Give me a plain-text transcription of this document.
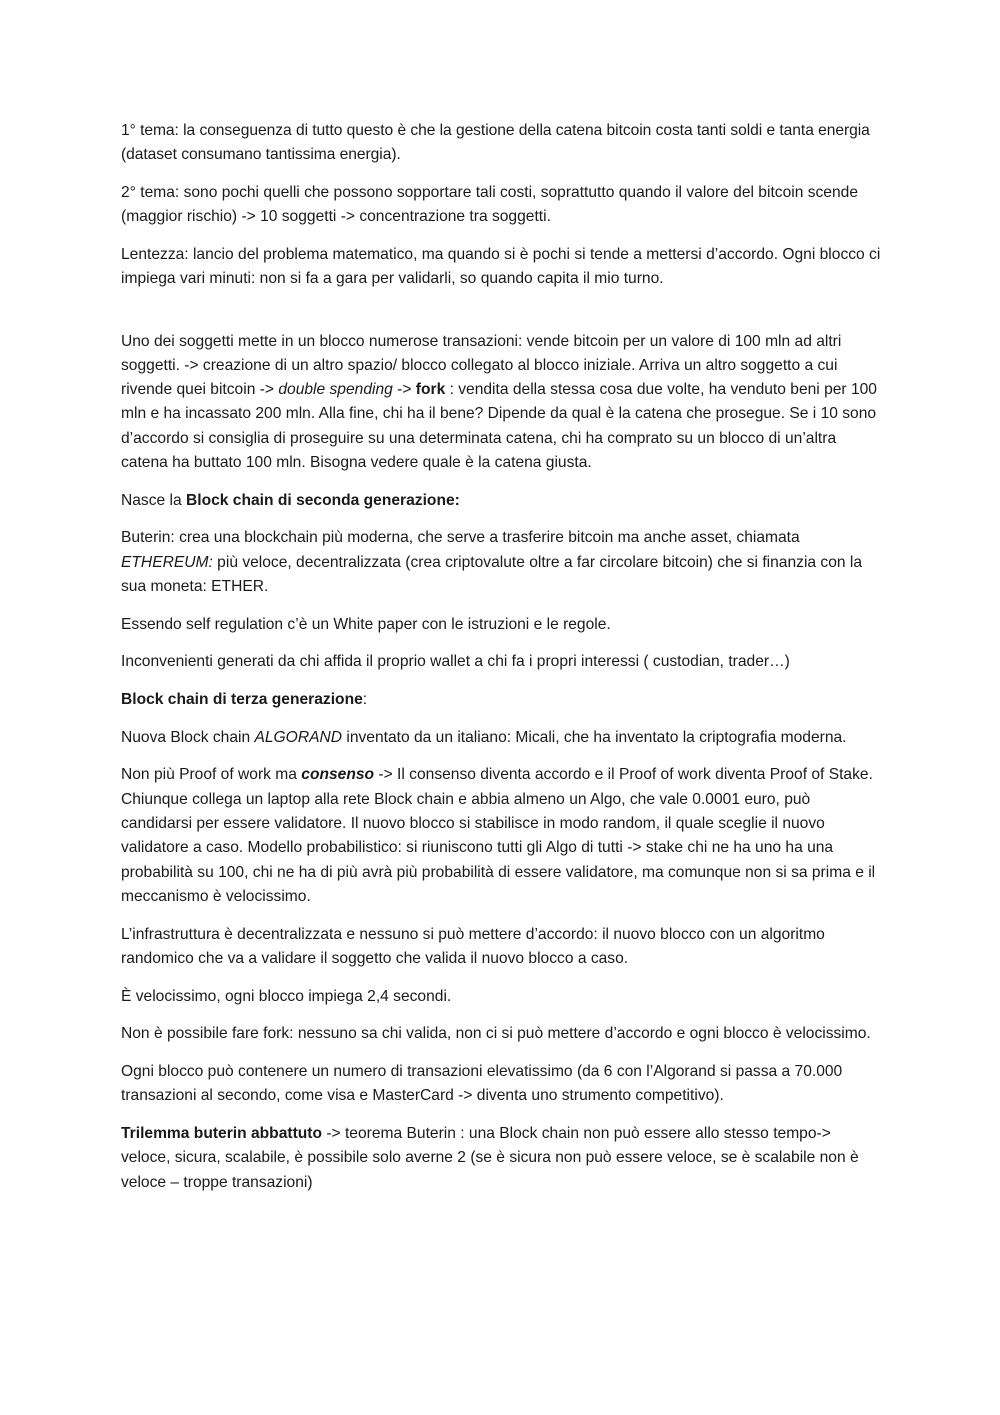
1° tema: la conseguenza di tutto questo è che la gestione della catena bitcoin costa tanti soldi e tanta energia (dataset consumano tantissima energia).

2° tema: sono pochi quelli che possono sopportare tali costi, soprattutto quando il valore del bitcoin scende (maggior rischio) -> 10 soggetti -> concentrazione tra soggetti.

Lentezza: lancio del problema matematico, ma quando si è pochi si tende a mettersi d’accordo. Ogni blocco ci impiega vari minuti: non si fa a gara per validarli, so quando capita il mio turno.

Uno dei soggetti mette in un blocco numerose transazioni: vende bitcoin per un valore di 100 mln ad altri soggetti. -> creazione di un altro spazio/ blocco collegato al blocco iniziale. Arriva un altro soggetto a cui rivende quei bitcoin -> double spending -> fork : vendita della stessa cosa due volte, ha venduto beni per 100 mln e ha incassato 200 mln. Alla fine, chi ha il bene? Dipende da qual è la catena che prosegue. Se i 10 sono d’accordo si consiglia di proseguire su una determinata catena, chi ha comprato su un blocco di un’altra catena ha buttato 100 mln. Bisogna vedere quale è la catena giusta.

Nasce la Block chain di seconda generazione:

Buterin: crea una blockchain più moderna, che serve a trasferire bitcoin ma anche asset, chiamata ETHEREUM: più veloce, decentralizzata (crea criptovalute oltre a far circolare bitcoin) che si finanzia con la sua moneta: ETHER.

Essendo self regulation c’è un White paper con le istruzioni e le regole.

Inconvenienti generati da chi affida il proprio wallet a chi fa i propri interessi ( custodian, trader…)

Block chain di terza generazione:

Nuova Block chain ALGORAND inventato da un italiano: Micali, che ha inventato la criptografia moderna.

Non più Proof of work ma consenso -> Il consenso diventa accordo e il Proof of work diventa Proof of Stake. Chiunque collega un laptop alla rete Block chain e abbia almeno un Algo, che vale 0.0001 euro, può candidarsi per essere validatore. Il nuovo blocco si stabilisce in modo random, il quale sceglie il nuovo validatore a caso. Modello probabilistico: si riuniscono tutti gli Algo di tutti -> stake chi ne ha uno ha una probabilità su 100, chi ne ha di più avrà più probabilità di essere validatore, ma comunque non si sa prima e il meccanismo è velocissimo.

L’infrastruttura è decentralizzata e nessuno si può mettere d’accordo: il nuovo blocco con un algoritmo randomico che va a validare il soggetto che valida il nuovo blocco a caso.

È velocissimo, ogni blocco impiega 2,4 secondi.

Non è possibile fare fork: nessuno sa chi valida, non ci si può mettere d’accordo e ogni blocco è velocissimo.

Ogni blocco può contenere un numero di transazioni elevatissimo (da 6 con l’Algorand si passa a 70.000 transazioni al secondo, come visa e MasterCard -> diventa uno strumento competitivo).

Trilemma buterin abbattuto -> teorema Buterin : una Block chain non può essere allo stesso tempo-> veloce, sicura, scalabile, è possibile solo averne 2 (se è sicura non può essere veloce, se è scalabile non è veloce – troppe transazioni)
